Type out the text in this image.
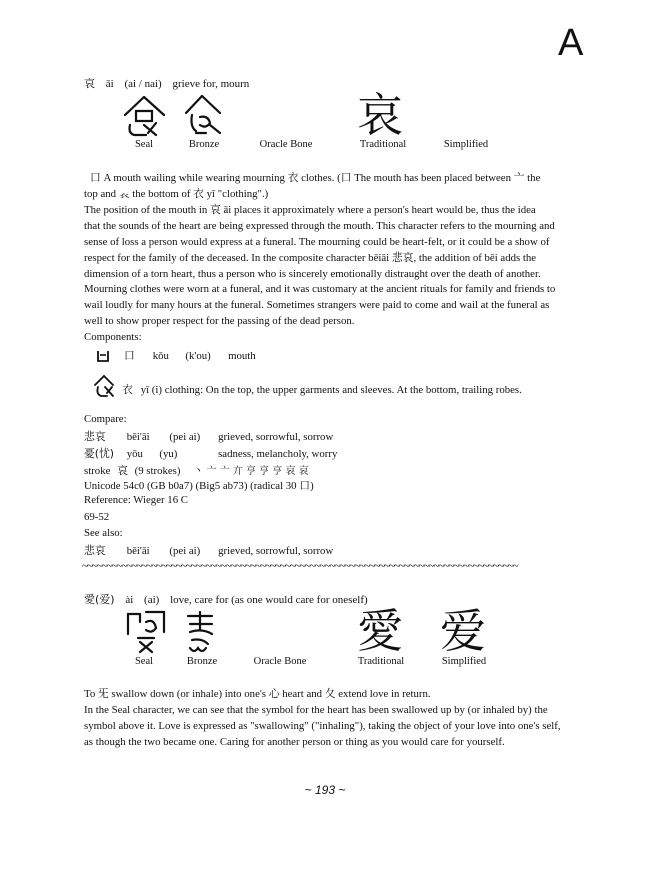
A
哀 āi (ai / nai) grieve for, mourn
哀
Seal	Bronze	Oracle Bone	Traditional	Simplified
口 A mouth wailing while wearing mourning 衣 clothes. (口 The mouth has been placed between 亠 the
top and 𧘇 the bottom of 衣 yī "clothing".)
The position of the mouth in 哀 āi places it approximately where a person's heart would be, thus the idea
that the sounds of the heart are being expressed through the mouth. This character refers to the mourning and
sense of loss a person would express at a funeral. The mourning could be heart-felt, or it could be a show of
respect for the family of the deceased. In the composite character bēiāi 悲哀, the addition of bēi adds the
dimension of a torn heart, thus a person who is sincerely emotionally distraught over the death of another.
Mourning clothes were worn at a funeral, and it was customary at the ancient rituals for family and friends to
wail loudly for many hours at the funeral. Sometimes strangers were paid to come and wail at the funeral as
well to show proper respect for the passing of the dead person.
Components:
口 kǒu (k'ou) mouth
衣 yī (i) clothing: On the top, the upper garments and sleeves. At the bottom, trailing robes.
Compare:
悲哀 bēi'āi (pei ai) grieved, sorrowful, sorrow
憂(忧) yōu (yu)	sadness, melancholy, worry
stroke 哀 (9 strokes) 丶 亠 亠 亣 亨 亨 亨 哀 哀
Unicode 54c0 (GB b0a7) (Big5 ab73) (radical 30 口)
Reference: Wieger 16 C
69-52
See also:
悲哀 bēi'āi (pei ai) grieved, sorrowful, sorrow
~~~~~~~~~~~~~~~~~~~~~~~~~~~~~~~~~~~~~~~~~~~~~~~~~~~~~~~~~~~~~~~~~~~~~~~~~~~~~~~~~~~~~~~~
愛(爱) ài (ai) love, care for (as one would care for oneself)
愛 爱
Seal	Bronze	Oracle Bone	Traditional	Simplified
To 旡 swallow down (or inhale) into one's 心 heart and 夂 extend love in return.
In the Seal character, we can see that the symbol for the heart has been swallowed up by (or inhaled by) the
symbol above it. Love is expressed as "swallowing" ("inhaling"), taking the object of your love into one's self,
as though the two became one. Caring for another person or thing as you would care for yourself.
~ 193 ~
